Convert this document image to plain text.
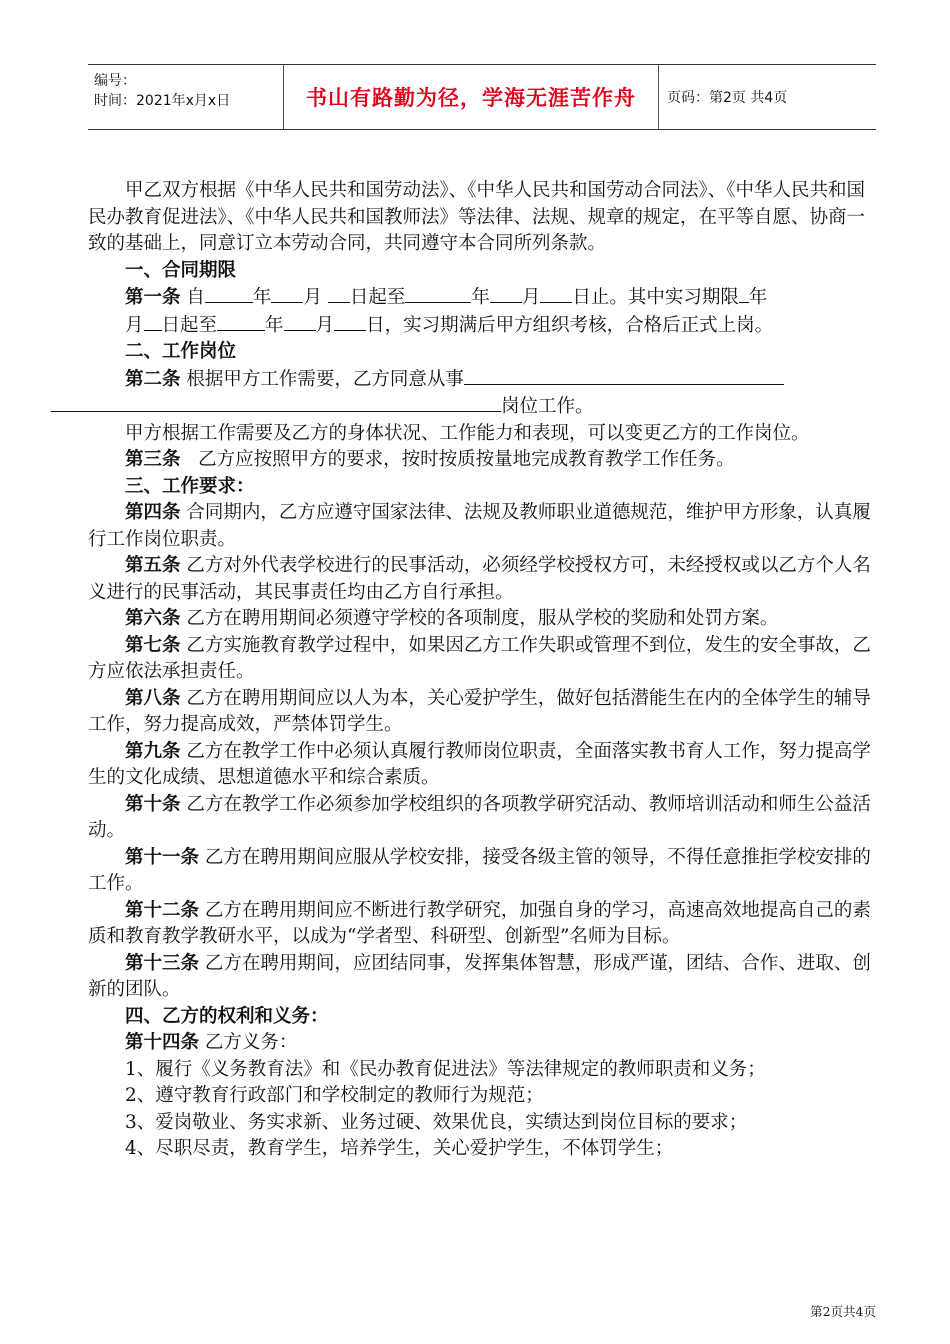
编号：
时间：2021年x月x日	书山有路勤为径，学海无涯苦作舟	页码：第2页 共4页

甲乙双方根据《中华人民共和国劳动法》、《中华人民共和国劳动合同法》、《中华人民共和国民办教育促进法》、《中华人民共和国教师法》等法律、法规、规章的规定，在平等自愿、协商一致的基础上，同意订立本劳动合同，共同遵守本合同所列条款。

一、合同期限

第一条 自	年 月 日起至	年 月 日止。其中实习期限 年
月 日起至	年 月 日，实习期满后甲方组织考核，合格后正式上岗。

二、工作岗位

第二条 根据甲方工作需要，乙方同意从事
岗位工作。

甲方根据工作需要及乙方的身体状况、工作能力和表现，可以变更乙方的工作岗位。

第三条 乙方应按照甲方的要求，按时按质按量地完成教育教学工作任务。

三、工作要求：

第四条 合同期内，乙方应遵守国家法律、法规及教师职业道德规范，维护甲方形象，认真履行工作岗位职责。

第五条 乙方对外代表学校进行的民事活动，必须经学校授权方可，未经授权或以乙方个人名义进行的民事活动，其民事责任均由乙方自行承担。

第六条 乙方在聘用期间必须遵守学校的各项制度，服从学校的奖励和处罚方案。

第七条 乙方实施教育教学过程中，如果因乙方工作失职或管理不到位，发生的安全事故，乙方应依法承担责任。

第八条 乙方在聘用期间应以人为本，关心爱护学生，做好包括潜能生在内的全体学生的辅导工作，努力提高成效，严禁体罚学生。

第九条 乙方在教学工作中必须认真履行教师岗位职责，全面落实教书育人工作，努力提高学生的文化成绩、思想道德水平和综合素质。

第十条 乙方在教学工作必须参加学校组织的各项教学研究活动、教师培训活动和师生公益活动。

第十一条 乙方在聘用期间应服从学校安排，接受各级主管的领导，不得任意推拒学校安排的工作。

第十二条 乙方在聘用期间应不断进行教学研究，加强自身的学习，高速高效地提高自己的素质和教育教学教研水平，以成为“学者型、科研型、创新型”名师为目标。

第十三条 乙方在聘用期间，应团结同事，发挥集体智慧，形成严谨，团结、合作、进取、创新的团队。

四、乙方的权利和义务：

第十四条 乙方义务：

1、履行《义务教育法》和《民办教育促进法》等法律规定的教师职责和义务；

2、遵守教育行政部门和学校制定的教师行为规范；

3、爱岗敬业、务实求新、业务过硬、效果优良，实绩达到岗位目标的要求；

4、尽职尽责，教育学生，培养学生，关心爱护学生，不体罚学生；

第2页共4页
